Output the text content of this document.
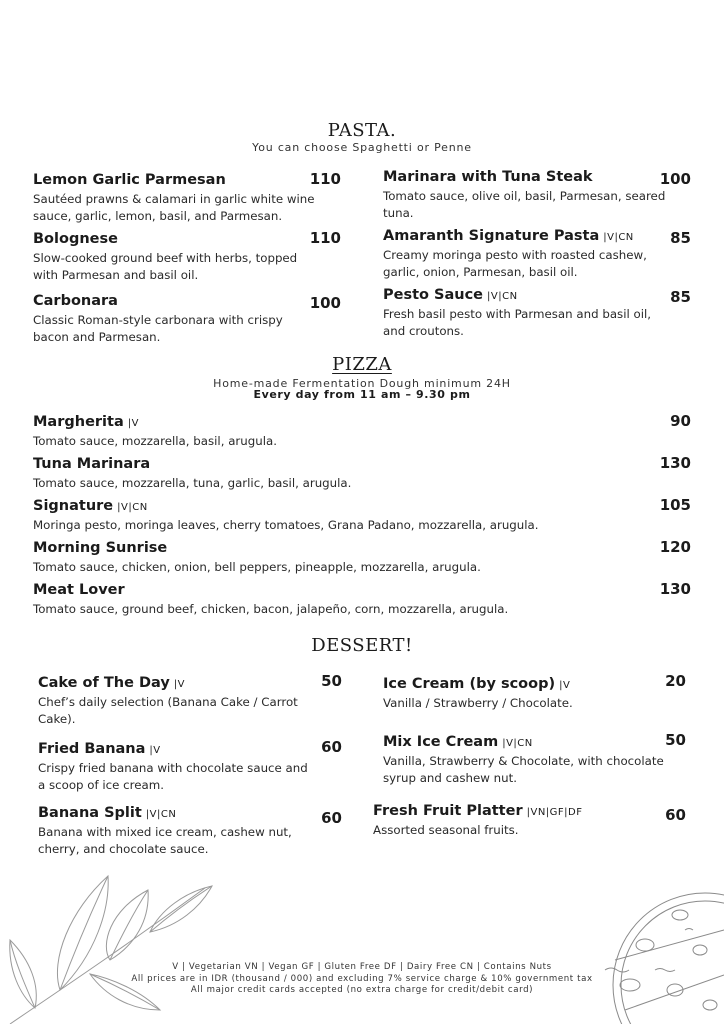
PASTA.
You can choose Spaghetti or Penne
Lemon Garlic Parmesan
Sautéed prawns & calamari in garlic white wine sauce, garlic, lemon, basil, and Parmesan.
110
Bolognese
Slow-cooked ground beef with herbs, topped with Parmesan and basil oil.
110
Carbonara
Classic Roman-style carbonara with crispy bacon and Parmesan.
100
Marinara with Tuna Steak
Tomato sauce, olive oil, basil, Parmesan, seared tuna.
100
Amaranth Signature Pasta |V|CN
Creamy moringa pesto with roasted cashew, garlic, onion, Parmesan, basil oil.
85
Pesto Sauce |V|CN
Fresh basil pesto with Parmesan and basil oil, and croutons.
85
PIZZA
Home-made Fermentation Dough minimum 24H
Every day from 11 am – 9.30 pm
Margherita |V
Tomato sauce, mozzarella, basil, arugula.
90
Tuna Marinara
Tomato sauce, mozzarella, tuna, garlic, basil, arugula.
130
Signature |V|CN
Moringa pesto, moringa leaves, cherry tomatoes, Grana Padano, mozzarella, arugula.
105
Morning Sunrise
Tomato sauce, chicken, onion, bell peppers, pineapple, mozzarella, arugula.
120
Meat Lover
Tomato sauce, ground beef, chicken, bacon, jalapeño, corn, mozzarella, arugula.
130
DESSERT!
Cake of The Day |V
Chef’s daily selection (Banana Cake / Carrot Cake).
50
Fried Banana |V
Crispy fried banana with chocolate sauce and a scoop of ice cream.
60
Banana Split |V|CN
Banana with mixed ice cream, cashew nut, cherry, and chocolate sauce.
60
Ice Cream (by scoop) |V
Vanilla / Strawberry / Chocolate.
20
Mix Ice Cream |V|CN
Vanilla, Strawberry & Chocolate, with chocolate syrup and cashew nut.
50
Fresh Fruit Platter |VN|GF|DF
Assorted seasonal fruits.
60
V | Vegetarian VN | Vegan GF | Gluten Free DF | Dairy Free CN | Contains Nuts
All prices are in IDR (thousand / 000) and excluding 7% service charge & 10% government tax
All major credit cards accepted (no extra charge for credit/debit card)
